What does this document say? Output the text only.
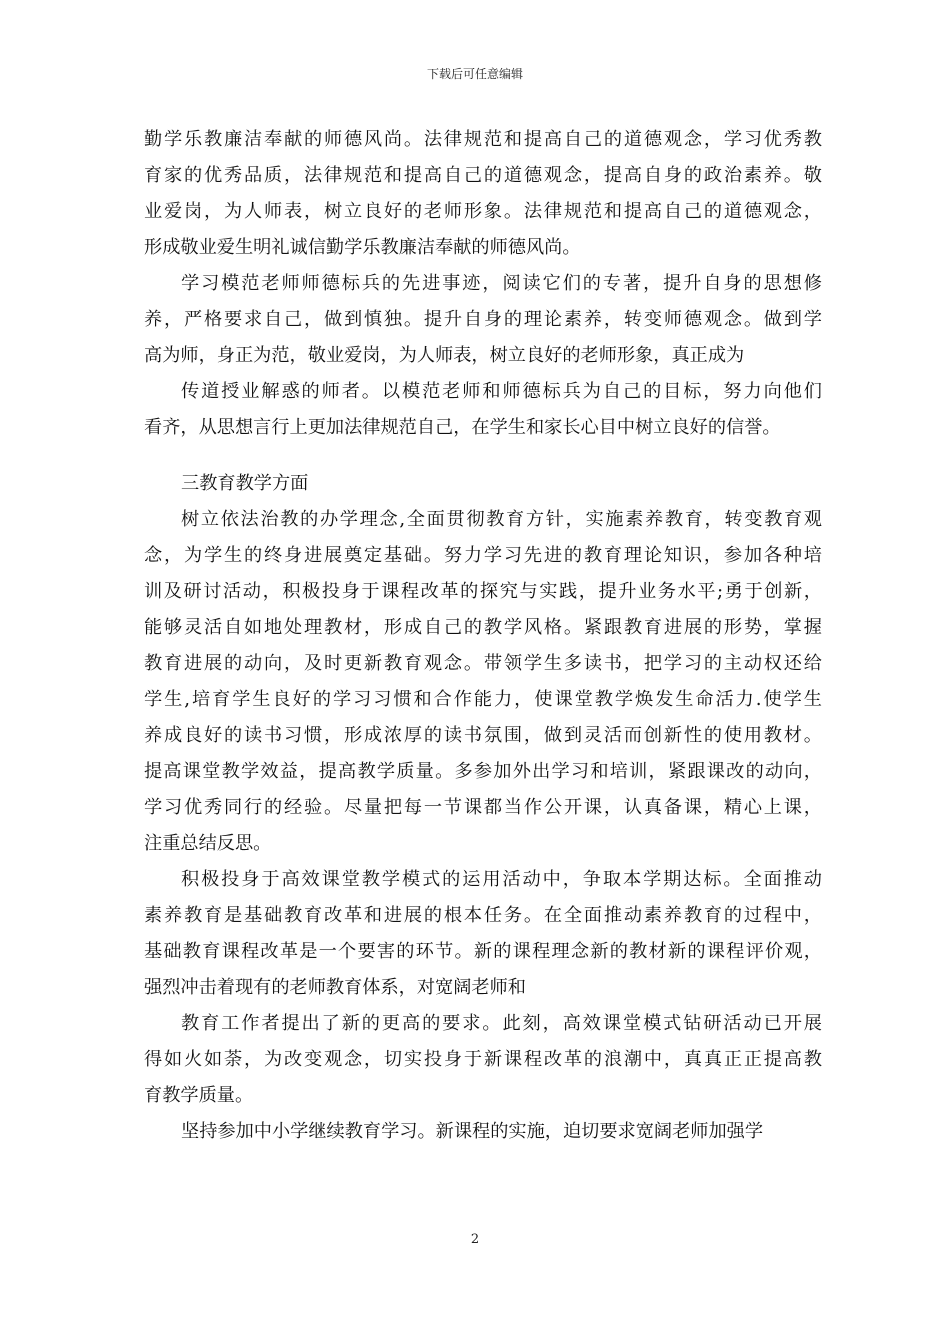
下载后可任意编辑
勤学乐教廉洁奉献的师德风尚。法律规范和提高自己的道德观念，学习优秀教
育家的优秀品质，法律规范和提高自己的道德观念，提高自身的政治素养。敬
业爱岗，为人师表，树立良好的老师形象。法律规范和提高自己的道德观念，
形成敬业爱生明礼诚信勤学乐教廉洁奉献的师德风尚。
学习模范老师师德标兵的先进事迹，阅读它们的专著，提升自身的思想修
养，严格要求自己，做到慎独。提升自身的理论素养，转变师德观念。做到学
高为师，身正为范，敬业爱岗，为人师表，树立良好的老师形象，真正成为
传道授业解惑的师者。以模范老师和师德标兵为自己的目标，努力向他们
看齐，从思想言行上更加法律规范自己，在学生和家长心目中树立良好的信誉。
三教育教学方面
树立依法治教的办学理念,全面贯彻教育方针，实施素养教育，转变教育观
念，为学生的终身进展奠定基础。努力学习先进的教育理论知识，参加各种培
训及研讨活动，积极投身于课程改革的探究与实践，提升业务水平;勇于创新，
能够灵活自如地处理教材，形成自己的教学风格。紧跟教育进展的形势，掌握
教育进展的动向，及时更新教育观念。带领学生多读书，把学习的主动权还给
学生,培育学生良好的学习习惯和合作能力，使课堂教学焕发生命活力.使学生
养成良好的读书习惯，形成浓厚的读书氛围，做到灵活而创新性的使用教材。
提高课堂教学效益，提高教学质量。多参加外出学习和培训，紧跟课改的动向，
学习优秀同行的经验。尽量把每一节课都当作公开课，认真备课，精心上课，
注重总结反思。
积极投身于高效课堂教学模式的运用活动中，争取本学期达标。全面推动
素养教育是基础教育改革和进展的根本任务。在全面推动素养教育的过程中，
基础教育课程改革是一个要害的环节。新的课程理念新的教材新的课程评价观，
强烈冲击着现有的老师教育体系，对宽阔老师和
教育工作者提出了新的更高的要求。此刻，高效课堂模式钻研活动已开展
得如火如荼，为改变观念，切实投身于新课程改革的浪潮中，真真正正提高教
育教学质量。
坚持参加中小学继续教育学习。新课程的实施，迫切要求宽阔老师加强学
2
